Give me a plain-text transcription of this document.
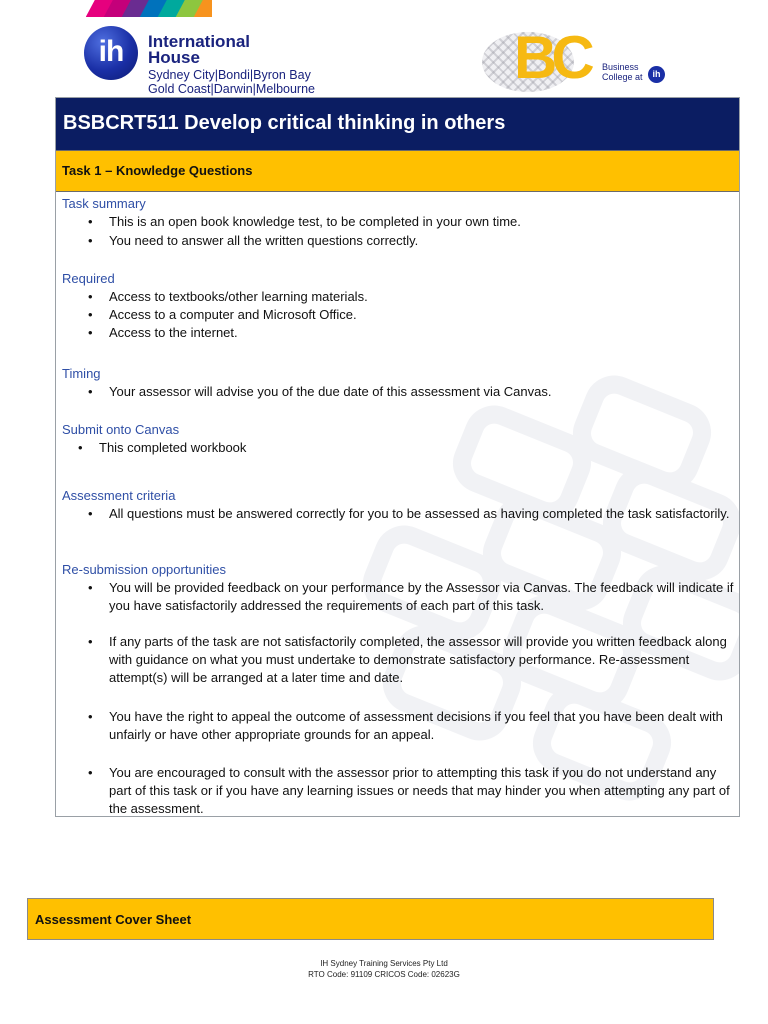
ih	International
House
Sydney City|Bondi|Byron Bay
Gold Coast|Darwin|Melbourne	BC Business
College at	ih
BSBCRT511 Develop critical thinking in others
Task 1 – Knowledge Questions
Task summary
• This is an open book knowledge test, to be completed in your own time.
• You need to answer all the written questions correctly.
Required
• Access to textbooks/other learning materials.
• Access to a computer and Microsoft Office.
• Access to the internet.
Timing
• Your assessor will advise you of the due date of this assessment via Canvas.
Submit onto Canvas
• This completed workbook
Assessment criteria
• All questions must be answered correctly for you to be assessed as having completed the task satisfactorily.
Re-submission opportunities
• You will be provided feedback on your performance by the Assessor via Canvas. The feedback will indicate if you have satisfactorily addressed the requirements of each part of this task.
• If any parts of the task are not satisfactorily completed, the assessor will provide you written feedback along with guidance on what you must undertake to demonstrate satisfactory performance. Re-assessment attempt(s) will be arranged at a later time and date.
• You have the right to appeal the outcome of assessment decisions if you feel that you have been dealt with unfairly or have other appropriate grounds for an appeal.
• You are encouraged to consult with the assessor prior to attempting this task if you do not understand any part of this task or if you have any learning issues or needs that may hinder you when attempting any part of the assessment.
Assessment Cover Sheet
IH Sydney Training Services Pty Ltd
RTO Code: 91109 CRICOS Code: 02623G
